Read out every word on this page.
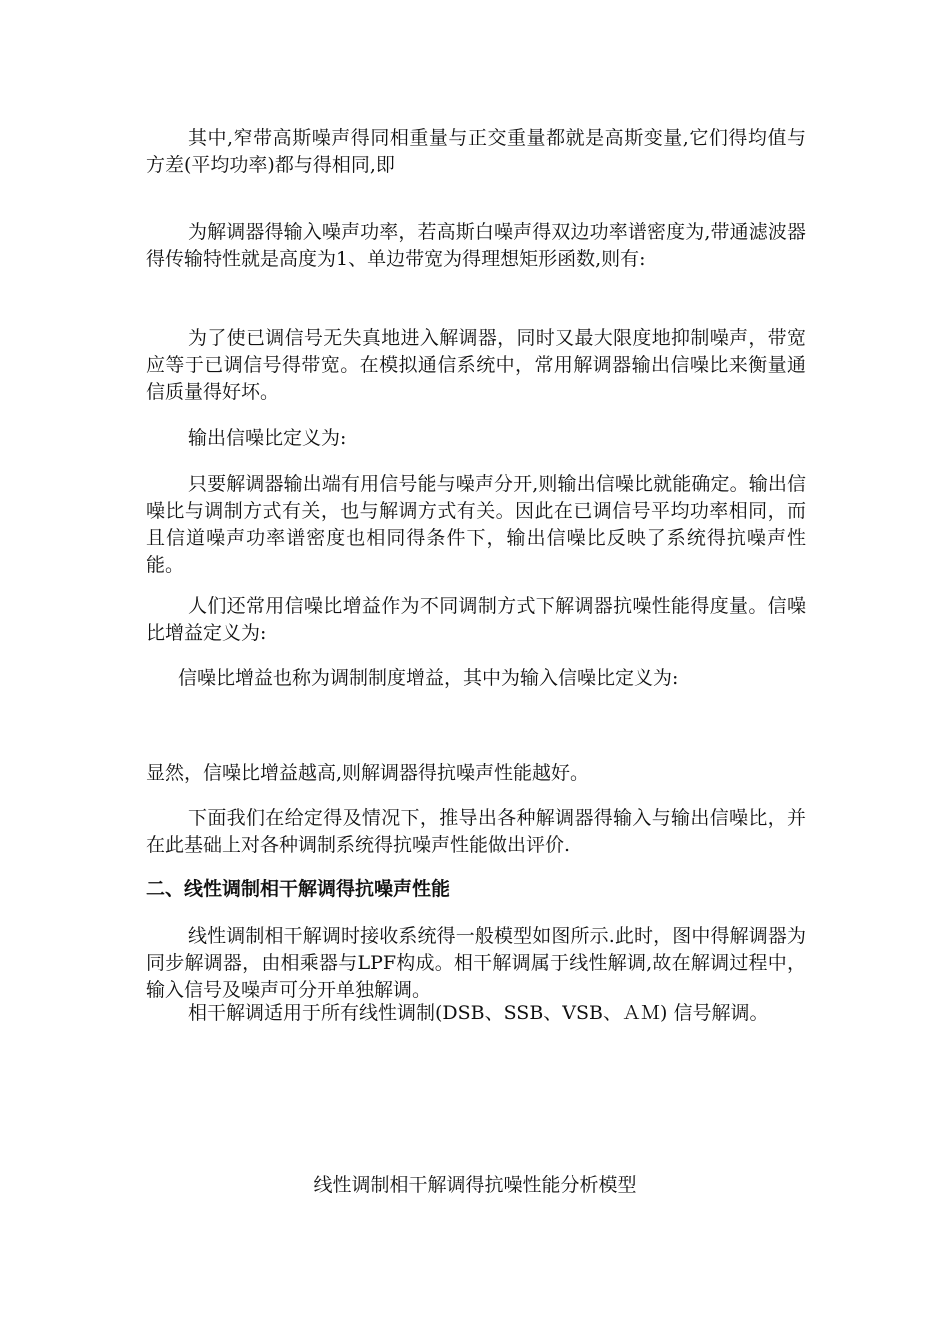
其中,窄带高斯噪声得同相重量与正交重量都就是高斯变量,它们得均值与方差(平均功率)都与得相同,即

为解调器得输入噪声功率，若高斯白噪声得双边功率谱密度为,带通滤波器得传输特性就是高度为1、单边带宽为得理想矩形函数,则有:

为了使已调信号无失真地进入解调器，同时又最大限度地抑制噪声，带宽应等于已调信号得带宽。在模拟通信系统中，常用解调器输出信噪比来衡量通信质量得好坏。

输出信噪比定义为:

只要解调器输出端有用信号能与噪声分开,则输出信噪比就能确定。输出信噪比与调制方式有关，也与解调方式有关。因此在已调信号平均功率相同，而且信道噪声功率谱密度也相同得条件下，输出信噪比反映了系统得抗噪声性能。

人们还常用信噪比增益作为不同调制方式下解调器抗噪性能得度量。信噪比增益定义为:

信噪比增益也称为调制制度增益，其中为输入信噪比定义为:

显然，信噪比增益越高,则解调器得抗噪声性能越好。

下面我们在给定得及情况下，推导出各种解调器得输入与输出信噪比，并在此基础上对各种调制系统得抗噪声性能做出评价.

二、线性调制相干解调得抗噪声性能

线性调制相干解调时接收系统得一般模型如图所示.此时，图中得解调器为同步解调器，由相乘器与LPF构成。相干解调属于线性解调,故在解调过程中，输入信号及噪声可分开单独解调。

相干解调适用于所有线性调制(DSB、SSB、VSB、ＡＭ) 信号解调。

线性调制相干解调得抗噪性能分析模型
